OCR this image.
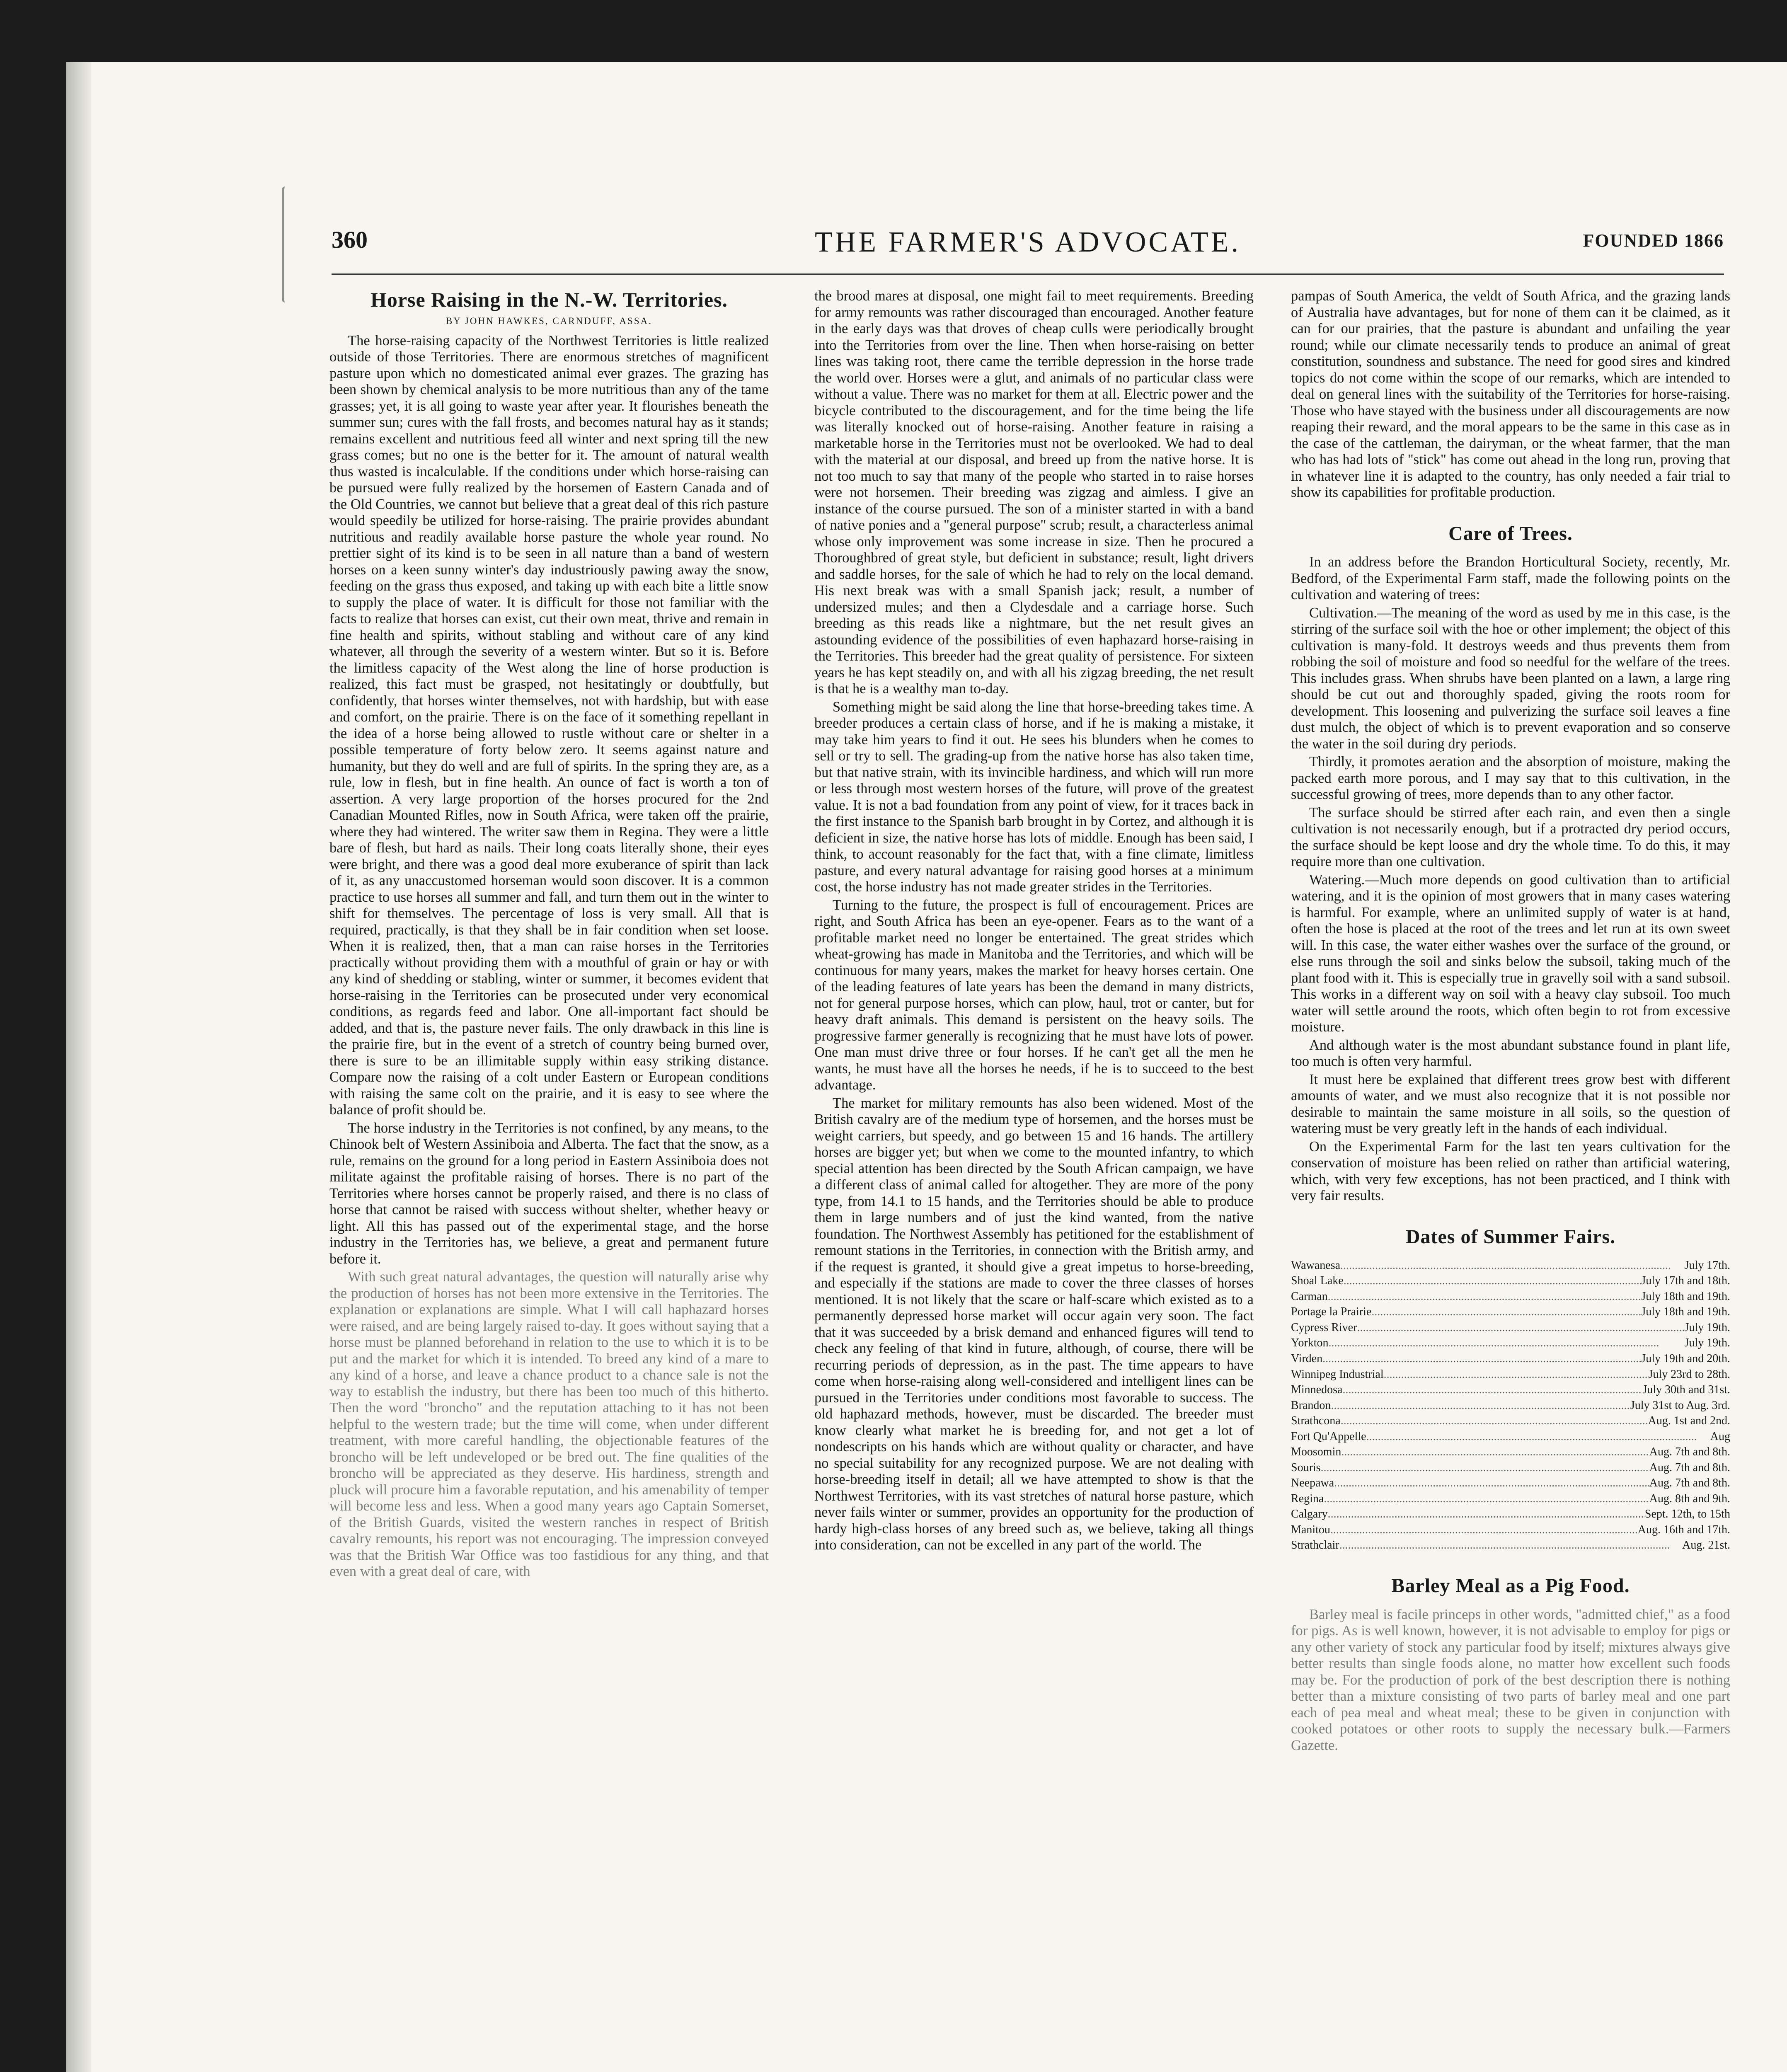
360	THE FARMER'S ADVOCATE.	FOUNDED 1866
Horse Raising in the N.-W. Territories.
BY JOHN HAWKES, CARNDUFF, ASSA.

The horse-raising capacity of the Northwest Territories is little realized outside of those Territories. There are enormous stretches of magnificent pasture upon which no domesticated animal ever grazes. The grazing has been shown by chemical analysis to be more nutritious than any of the tame grasses; yet, it is all going to waste year after year. It flourishes beneath the summer sun; cures with the fall frosts, and becomes natural hay as it stands; remains excellent and nutritious feed all winter and next spring till the new grass comes; but no one is the better for it. The amount of natural wealth thus wasted is incalculable. If the conditions under which horse-raising can be pursued were fully realized by the horsemen of Eastern Canada and of the Old Countries, we cannot but believe that a great deal of this rich pasture would speedily be utilized for horse-raising. The prairie provides abundant nutritious and readily available horse pasture the whole year round. No prettier sight of its kind is to be seen in all nature than a band of western horses on a keen sunny winter's day industriously pawing away the snow, feeding on the grass thus exposed, and taking up with each bite a little snow to supply the place of water. It is difficult for those not familiar with the facts to realize that horses can exist, cut their own meat, thrive and remain in fine health and spirits, without stabling and without care of any kind whatever, all through the severity of a western winter. But so it is. Before the limitless capacity of the West along the line of horse production is realized, this fact must be grasped, not hesitatingly or doubtfully, but confidently, that horses winter themselves, not with hardship, but with ease and comfort, on the prairie. There is on the face of it something repellant in the idea of a horse being allowed to rustle without care or shelter in a possible temperature of forty below zero. It seems against nature and humanity, but they do well and are full of spirits. In the spring they are, as a rule, low in flesh, but in fine health. An ounce of fact is worth a ton of assertion. A very large proportion of the horses procured for the 2nd Canadian Mounted Rifles, now in South Africa, were taken off the prairie, where they had wintered. The writer saw them in Regina. They were a little bare of flesh, but hard as nails. Their long coats literally shone, their eyes were bright, and there was a good deal more exuberance of spirit than lack of it, as any unaccustomed horseman would soon discover. It is a common practice to use horses all summer and fall, and turn them out in the winter to shift for themselves. The percentage of loss is very small. All that is required, practically, is that they shall be in fair condition when set loose. When it is realized, then, that a man can raise horses in the Territories practically without providing them with a mouthful of grain or hay or with any kind of shedding or stabling, winter or summer, it becomes evident that horse-raising in the Territories can be prosecuted under very economical conditions, as regards feed and labor. One all-important fact should be added, and that is, the pasture never fails. The only drawback in this line is the prairie fire, but in the event of a stretch of country being burned over, there is sure to be an illimitable supply within easy striking distance. Compare now the raising of a colt under Eastern or European conditions with raising the same colt on the prairie, and it is easy to see where the balance of profit should be.

The horse industry in the Territories is not confined, by any means, to the Chinook belt of Western Assiniboia and Alberta. The fact that the snow, as a rule, remains on the ground for a long period in Eastern Assiniboia does not militate against the profitable raising of horses. There is no part of the Territories where horses cannot be properly raised, and there is no class of horse that cannot be raised with success without shelter, whether heavy or light. All this has passed out of the experimental stage, and the horse industry in the Territories has, we believe, a great and permanent future before it.

With such great natural advantages, the question will naturally arise why the production of horses has not been more extensive in the Territories. The explanation or explanations are simple. What I will call haphazard horses were raised, and are being largely raised to-day. It goes without saying that a horse must be planned beforehand in relation to the use to which it is to be put and the market for which it is intended. To breed any kind of a mare to any kind of a horse, and leave a chance product to a chance sale is not the way to establish the industry, but there has been too much of this hitherto. Then the word "broncho" and the reputation attaching to it has not been helpful to the western trade; but the time will come, when under different treatment, with more careful handling, the objectionable features of the broncho will be left undeveloped or be bred out. The fine qualities of the broncho will be appreciated as they deserve. His hardiness, strength and pluck will procure him a favorable reputation, and his amenability of temper will become less and less. When a good many years ago Captain Somerset, of the British Guards, visited the western ranches in respect of British cavalry remounts, his report was not encouraging. The impression conveyed was that the British War Office was too fastidious for any thing, and that even with a great deal of care, with

the brood mares at disposal, one might fail to meet requirements. Breeding for army remounts was rather discouraged than encouraged. Another feature in the early days was that droves of cheap culls were periodically brought into the Territories from over the line. Then when horse-raising on better lines was taking root, there came the terrible depression in the horse trade the world over. Horses were a glut, and animals of no particular class were without a value. There was no market for them at all. Electric power and the bicycle contributed to the discouragement, and for the time being the life was literally knocked out of horse-raising. Another feature in raising a marketable horse in the Territories must not be overlooked. We had to deal with the material at our disposal, and breed up from the native horse. It is not too much to say that many of the people who started in to raise horses were not horsemen. Their breeding was zigzag and aimless. I give an instance of the course pursued. The son of a minister started in with a band of native ponies and a "general purpose" scrub; result, a characterless animal whose only improvement was some increase in size. Then he procured a Thoroughbred of great style, but deficient in substance; result, light drivers and saddle horses, for the sale of which he had to rely on the local demand. His next break was with a small Spanish jack; result, a number of undersized mules; and then a Clydesdale and a carriage horse. Such breeding as this reads like a nightmare, but the net result gives an astounding evidence of the possibilities of even haphazard horse-raising in the Territories. This breeder had the great quality of persistence. For sixteen years he has kept steadily on, and with all his zigzag breeding, the net result is that he is a wealthy man to-day.

Something might be said along the line that horse-breeding takes time. A breeder produces a certain class of horse, and if he is making a mistake, it may take him years to find it out. He sees his blunders when he comes to sell or try to sell. The grading-up from the native horse has also taken time, but that native strain, with its invincible hardiness, and which will run more or less through most western horses of the future, will prove of the greatest value. It is not a bad foundation from any point of view, for it traces back in the first instance to the Spanish barb brought in by Cortez, and although it is deficient in size, the native horse has lots of middle. Enough has been said, I think, to account reasonably for the fact that, with a fine climate, limitless pasture, and every natural advantage for raising good horses at a minimum cost, the horse industry has not made greater strides in the Territories.

Turning to the future, the prospect is full of encouragement. Prices are right, and South Africa has been an eye-opener. Fears as to the want of a profitable market need no longer be entertained. The great strides which wheat-growing has made in Manitoba and the Territories, and which will be continuous for many years, makes the market for heavy horses certain. One of the leading features of late years has been the demand in many districts, not for general purpose horses, which can plow, haul, trot or canter, but for heavy draft animals. This demand is persistent on the heavy soils. The progressive farmer generally is recognizing that he must have lots of power. One man must drive three or four horses. If he can't get all the men he wants, he must have all the horses he needs, if he is to succeed to the best advantage.

The market for military remounts has also been widened. Most of the British cavalry are of the medium type of horsemen, and the horses must be weight carriers, but speedy, and go between 15 and 16 hands. The artillery horses are bigger yet; but when we come to the mounted infantry, to which special attention has been directed by the South African campaign, we have a different class of animal called for altogether. They are more of the pony type, from 14.1 to 15 hands, and the Territories should be able to produce them in large numbers and of just the kind wanted, from the native foundation. The Northwest Assembly has petitioned for the establishment of remount stations in the Territories, in connection with the British army, and if the request is granted, it should give a great impetus to horse-breeding, and especially if the stations are made to cover the three classes of horses mentioned. It is not likely that the scare or half-scare which existed as to a permanently depressed horse market will occur again very soon. The fact that it was succeeded by a brisk demand and enhanced figures will tend to check any feeling of that kind in future, although, of course, there will be recurring periods of depression, as in the past. The time appears to have come when horse-raising along well-considered and intelligent lines can be pursued in the Territories under conditions most favorable to success. The old haphazard methods, however, must be discarded. The breeder must know clearly what market he is breeding for, and not get a lot of nondescripts on his hands which are without quality or character, and have no special suitability for any recognized purpose. We are not dealing with horse-breeding itself in detail; all we have attempted to show is that the Northwest Territories, with its vast stretches of natural horse pasture, which never fails winter or summer, provides an opportunity for the production of hardy high-class horses of any breed such as, we believe, taking all things into consideration, can not be excelled in any part of the world. The

pampas of South America, the veldt of South Africa, and the grazing lands of Australia have advantages, but for none of them can it be claimed, as it can for our prairies, that the pasture is abundant and unfailing the year round; while our climate necessarily tends to produce an animal of great constitution, soundness and substance. The need for good sires and kindred topics do not come within the scope of our remarks, which are intended to deal on general lines with the suitability of the Territories for horse-raising. Those who have stayed with the business under all discouragements are now reaping their reward, and the moral appears to be the same in this case as in the case of the cattleman, the dairyman, or the wheat farmer, that the man who has had lots of "stick" has come out ahead in the long run, proving that in whatever line it is adapted to the country, has only needed a fair trial to show its capabilities for profitable production.

Care of Trees.

In an address before the Brandon Horticultural Society, recently, Mr. Bedford, of the Experimental Farm staff, made the following points on the cultivation and watering of trees:

Cultivation.—The meaning of the word as used by me in this case, is the stirring of the surface soil with the hoe or other implement; the object of this cultivation is many-fold. It destroys weeds and thus prevents them from robbing the soil of moisture and food so needful for the welfare of the trees. This includes grass. When shrubs have been planted on a lawn, a large ring should be cut out and thoroughly spaded, giving the roots room for development. This loosening and pulverizing the surface soil leaves a fine dust mulch, the object of which is to prevent evaporation and so conserve the water in the soil during dry periods.

Thirdly, it promotes aeration and the absorption of moisture, making the packed earth more porous, and I may say that to this cultivation, in the successful growing of trees, more depends than to any other factor.

The surface should be stirred after each rain, and even then a single cultivation is not necessarily enough, but if a protracted dry period occurs, the surface should be kept loose and dry the whole time. To do this, it may require more than one cultivation.

Watering.—Much more depends on good cultivation than to artificial watering, and it is the opinion of most growers that in many cases watering is harmful. For example, where an unlimited supply of water is at hand, often the hose is placed at the root of the trees and let run at its own sweet will. In this case, the water either washes over the surface of the ground, or else runs through the soil and sinks below the subsoil, taking much of the plant food with it. This is especially true in gravelly soil with a sand subsoil. This works in a different way on soil with a heavy clay subsoil. Too much water will settle around the roots, which often begin to rot from excessive moisture.

And although water is the most abundant substance found in plant life, too much is often very harmful.

It must here be explained that different trees grow best with different amounts of water, and we must also recognize that it is not possible nor desirable to maintain the same moisture in all soils, so the question of watering must be very greatly left in the hands of each individual.

On the Experimental Farm for the last ten years cultivation for the conservation of moisture has been relied on rather than artificial watering, which, with very few exceptions, has not been practiced, and I think with very fair results.

Dates of Summer Fairs.
Wawanesa .....	July 17th.
Shoal Lake .....	July 17th and 18th.
Carman .....	July 18th and 19th.
Portage la Prairie .....	July 18th and 19th.
Cypress River .....	July 19th.
Yorkton .....	July 19th.
Virden .....	July 19th and 20th.
Winnipeg Industrial .....	July 23rd to 28th.
Minnedosa .....	July 30th and 31st.
Brandon .....	July 31st to Aug. 3rd.
Strathcona .....	Aug. 1st and 2nd.
Fort Qu'Appelle .....	Aug
Moosomin .....	Aug. 7th and 8th.
Souris .....	Aug. 7th and 8th.
Neepawa .....	Aug. 7th and 8th.
Regina .....	Aug. 8th and 9th.
Calgary .....	Sept. 12th, to 15th
Manitou .....	Aug. 16th and 17th.
Strathclair .....	Aug. 21st.
Barley Meal as a Pig Food.

Barley meal is facile princeps in other words, "admitted chief," as a food for pigs. As is well known, however, it is not advisable to employ for pigs or any other variety of stock any particular food by itself; mixtures always give better results than single foods alone, no matter how excellent such foods may be. For the production of pork of the best description there is nothing better than a mixture consisting of two parts of barley meal and one part each of pea meal and wheat meal; these to be given in conjunction with cooked potatoes or other roots to supply the necessary bulk.—Farmers Gazette.
